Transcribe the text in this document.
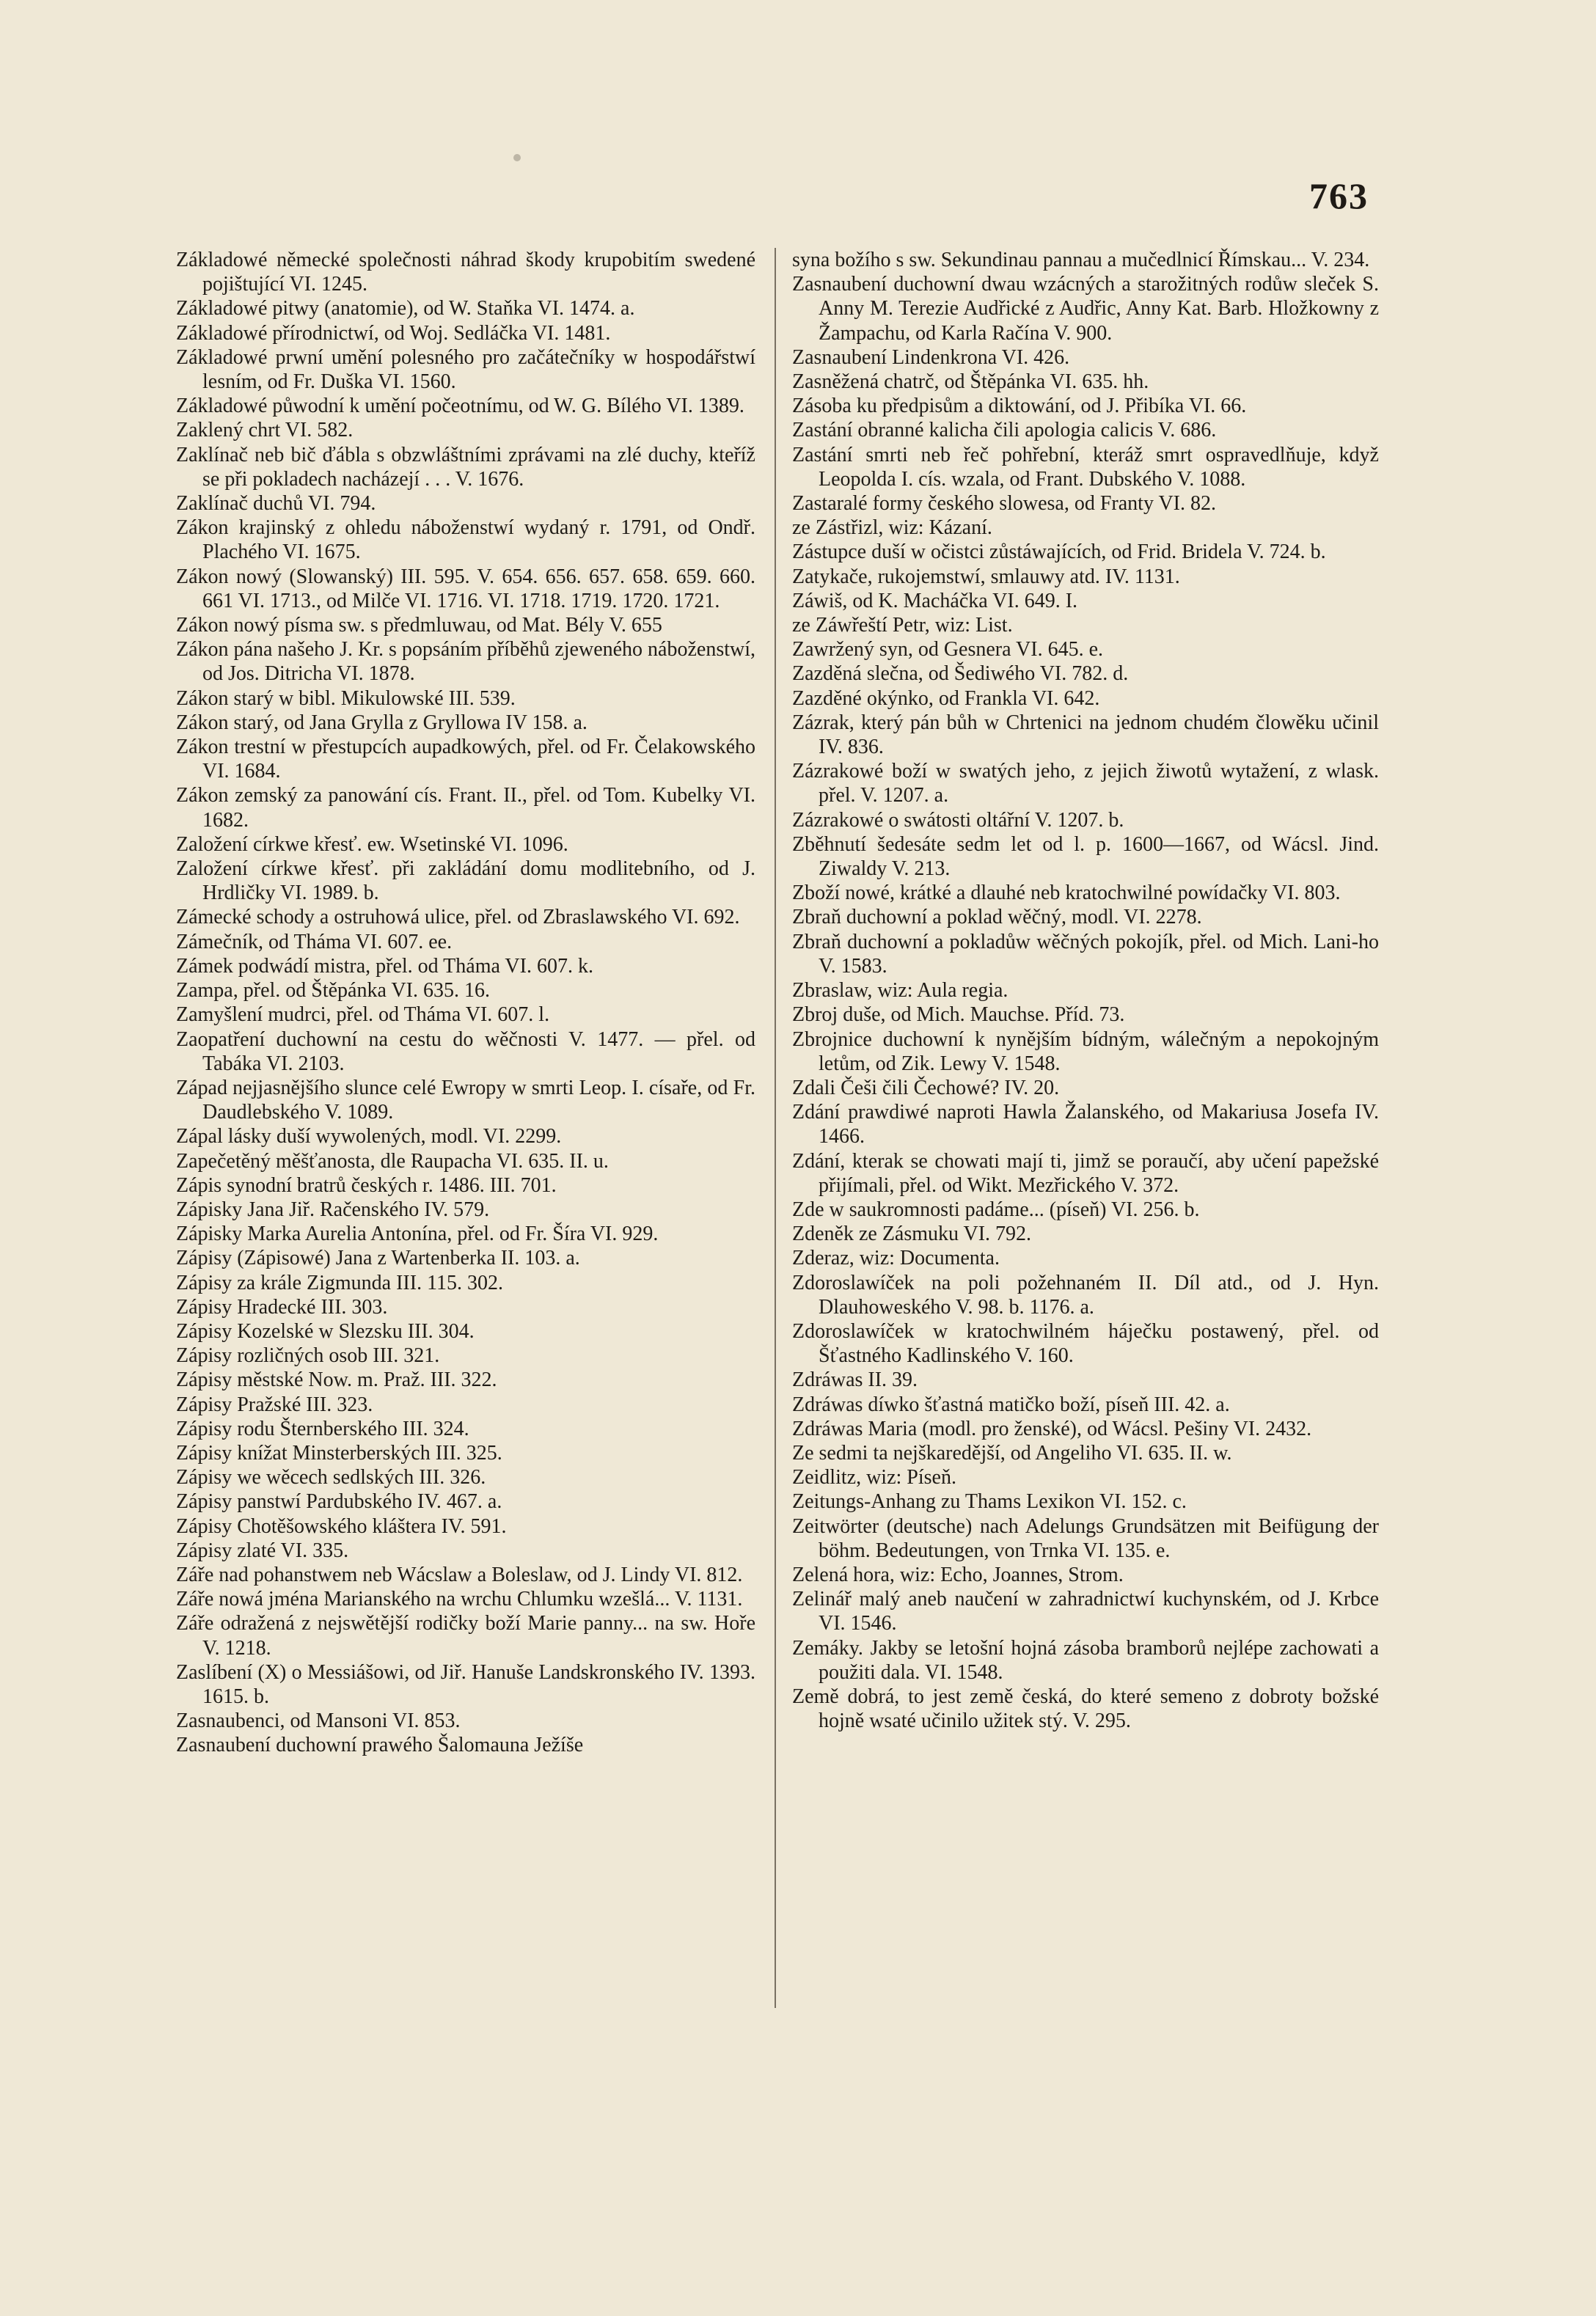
763

Základowé německé společnosti náhrad škody krupobitím swedené pojištující VI. 1245.

Základowé pitwy (anatomie), od W. Staňka VI. 1474. a.

Základowé přírodnictwí, od Woj. Sedláčka VI. 1481.

Základowé prwní umění polesného pro začátečníky w hospodářstwí lesním, od Fr. Duška VI. 1560.

Základowé půwodní k umění počeotnímu, od W. G. Bílého VI. 1389.

Zaklený chrt VI. 582.

Zaklínač neb bič ďábla s obzwláštními zprávami na zlé duchy, kteříž se při pokladech nacházejí . . . V. 1676.

Zaklínač duchů VI. 794.

Zákon krajinský z ohledu náboženstwí wydaný r. 1791, od Ondř. Plachého VI. 1675.

Zákon nowý (Slowanský) III. 595. V. 654. 656. 657. 658. 659. 660. 661 VI. 1713., od Milče VI. 1716. VI. 1718. 1719. 1720. 1721.

Zákon nowý písma sw. s předmluwau, od Mat. Bély V. 655

Zákon pána našeho J. Kr. s popsáním příběhů zjeweného náboženstwí, od Jos. Ditricha VI. 1878.

Zákon starý w bibl. Mikulowské III. 539.

Zákon starý, od Jana Grylla z Gryllowa IV 158. a.

Zákon trestní w přestupcích aupadkowých, přel. od Fr. Čelakowského VI. 1684.

Zákon zemský za panowání cís. Frant. II., přel. od Tom. Kubelky VI. 1682.

Založení církwe křesť. ew. Wsetinské VI. 1096.

Založení církwe křesť. při zakládání domu modlitebního, od J. Hrdličky VI. 1989. b.

Zámecké schody a ostruhowá ulice, přel. od Zbraslawského VI. 692.

Zámečník, od Tháma VI. 607. ee.

Zámek podwádí mistra, přel. od Tháma VI. 607. k.

Zampa, přel. od Štěpánka VI. 635. 16.

Zamyšlení mudrci, přel. od Tháma VI. 607. l.

Zaopatření duchowní na cestu do wěčnosti V. 1477. — přel. od Tabáka VI. 2103.

Západ nejjasnějšího slunce celé Ewropy w smrti Leop. I. císaře, od Fr. Daudlebského V. 1089.

Zápal lásky duší wywolených, modl. VI. 2299.

Zapečetěný měšťanosta, dle Raupacha VI. 635. II. u.

Zápis synodní bratrů českých r. 1486. III. 701.

Zápisky Jana Jiř. Račenského IV. 579.

Zápisky Marka Aurelia Antonína, přel. od Fr. Šíra VI. 929.

Zápisy (Zápisowé) Jana z Wartenberka II. 103. a.

Zápisy za krále Zigmunda III. 115. 302.

Zápisy Hradecké III. 303.

Zápisy Kozelské w Slezsku III. 304.

Zápisy rozličných osob III. 321.

Zápisy městské Now. m. Praž. III. 322.

Zápisy Pražské III. 323.

Zápisy rodu Šternberského III. 324.

Zápisy knížat Minsterberských III. 325.

Zápisy we wěcech sedlských III. 326.

Zápisy panstwí Pardubského IV. 467. a.

Zápisy Chotěšowského kláštera IV. 591.

Zápisy zlaté VI. 335.

Záře nad pohanstwem neb Wácslaw a Boleslaw, od J. Lindy VI. 812.

Záře nowá jména Marianského na wrchu Chlumku wzešlá... V. 1131.

Záře odražená z nejswětější rodičky boží Marie panny... na sw. Hoře V. 1218.

Zaslíbení (X) o Messiášowi, od Jiř. Hanuše Landskronského IV. 1393. 1615. b.

Zasnaubenci, od Mansoni VI. 853.

Zasnaubení duchowní prawého Šalomauna Ježíše

syna božího s sw. Sekundinau pannau a mučedlnicí Římskau... V. 234.

Zasnaubení duchowní dwau wzácných a starožitných rodůw sleček S. Anny M. Terezie Audřické z Audřic, Anny Kat. Barb. Hložkowny z Žampachu, od Karla Račína V. 900.

Zasnaubení Lindenkrona VI. 426.

Zasněžená chatrč, od Štěpánka VI. 635. hh.

Zásoba ku předpisům a diktowání, od J. Přibíka VI. 66.

Zastání obranné kalicha čili apologia calicis V. 686.

Zastání smrti neb řeč pohřební, kteráž smrt ospravedlňuje, když Leopolda I. cís. wzala, od Frant. Dubského V. 1088.

Zastaralé formy českého slowesa, od Franty VI. 82.

ze Zástřizl, wiz: Kázaní.

Zástupce duší w očistci zůstáwajících, od Frid. Bridela V. 724. b.

Zatykače, rukojemstwí, smlauwy atd. IV. 1131.

Záwiš, od K. Macháčka VI. 649. I.

ze Záwřeští Petr, wiz: List.

Zawržený syn, od Gesnera VI. 645. e.

Zazděná slečna, od Šediwého VI. 782. d.

Zazděné okýnko, od Frankla VI. 642.

Zázrak, který pán bůh w Chrtenici na jednom chudém člowěku učinil IV. 836.

Zázrakowé boží w swatých jeho, z jejich žiwotů wytažení, z wlask. přel. V. 1207. a.

Zázrakowé o swátosti oltářní V. 1207. b.

Zběhnutí šedesáte sedm let od l. p. 1600—1667, od Wácsl. Jind. Ziwaldy V. 213.

Zboží nowé, krátké a dlauhé neb kratochwilné powídačky VI. 803.

Zbraň duchowní a poklad wěčný, modl. VI. 2278.

Zbraň duchowní a pokladůw wěčných pokojík, přel. od Mich. Lani-ho V. 1583.

Zbraslaw, wiz: Aula regia.

Zbroj duše, od Mich. Mauchse. Příd. 73.

Zbrojnice duchowní k nynějším bídným, wálečným a nepokojným letům, od Zik. Lewy V. 1548.

Zdali Češi čili Čechowé? IV. 20.

Zdání prawdiwé naproti Hawla Žalanského, od Makariusa Josefa IV. 1466.

Zdání, kterak se chowati mají ti, jimž se poraučí, aby učení papežské přijímali, přel. od Wikt. Mezřického V. 372.

Zde w saukromnosti padáme... (píseň) VI. 256. b.

Zdeněk ze Zásmuku VI. 792.

Zderaz, wiz: Documenta.

Zdoroslawíček na poli požehnaném II. Díl atd., od J. Hyn. Dlauhowеského V. 98. b. 1176. a.

Zdoroslawíček w kratochwilném háječku postawený, přel. od Šťastného Kadlinského V. 160.

Zdráwas II. 39.

Zdráwas díwko šťastná matičko boží, píseň III. 42. a.

Zdráwas Maria (modl. pro ženské), od Wácsl. Pešiny VI. 2432.

Ze sedmi ta nejškaredější, od Angeliho VI. 635. II. w.

Zeidlitz, wiz: Píseň.

Zeitungs-Anhang zu Thams Lexikon VI. 152. c.

Zeitwörter (deutsche) nach Adelungs Grundsätzen mit Beifügung der böhm. Bedeutungen, von Trnka VI. 135. e.

Zelená hora, wiz: Echo, Joannes, Strom.

Zelinář malý aneb naučení w zahradnictwí kuchynském, od J. Krbce VI. 1546.

Zemáky. Jakby se letošní hojná zásoba bramborů nejlépe zachowati a použiti dala. VI. 1548.

Země dobrá, to jest země česká, do které semeno z dobroty božské hojně wsaté učinilo užitek stý. V. 295.
